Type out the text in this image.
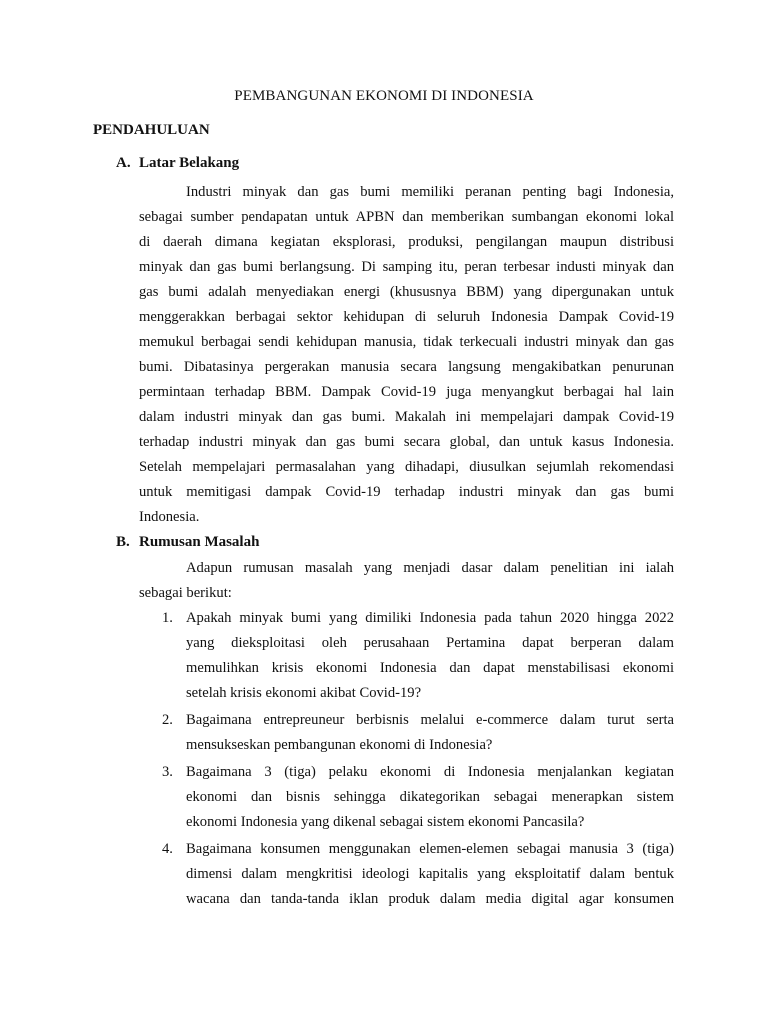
PEMBANGUNAN EKONOMI DI INDONESIA
PENDAHULUAN
A. Latar Belakang
Industri minyak dan gas bumi memiliki peranan penting bagi Indonesia,
sebagai sumber pendapatan untuk APBN dan memberikan sumbangan ekonomi lokal
di daerah dimana kegiatan eksplorasi, produksi, pengilangan maupun distribusi
minyak dan gas bumi berlangsung. Di samping itu, peran terbesar industi minyak dan
gas bumi adalah menyediakan energi (khususnya BBM) yang dipergunakan untuk
menggerakkan berbagai sektor kehidupan di seluruh Indonesia Dampak Covid-19
memukul berbagai sendi kehidupan manusia, tidak terkecuali industri minyak dan gas
bumi. Dibatasinya pergerakan manusia secara langsung mengakibatkan penurunan
permintaan terhadap BBM. Dampak Covid-19 juga menyangkut berbagai hal lain
dalam industri minyak dan gas bumi. Makalah ini mempelajari dampak Covid-19
terhadap industri minyak dan gas bumi secara global, dan untuk kasus Indonesia.
Setelah mempelajari permasalahan yang dihadapi, diusulkan sejumlah rekomendasi
untuk memitigasi dampak Covid-19 terhadap industri minyak dan gas bumi
Indonesia.
B. Rumusan Masalah
Adapun rumusan masalah yang menjadi dasar dalam penelitian ini ialah
sebagai berikut:
1. Apakah minyak bumi yang dimiliki Indonesia pada tahun 2020 hingga 2022
yang dieksploitasi oleh perusahaan Pertamina dapat berperan dalam
memulihkan krisis ekonomi Indonesia dan dapat menstabilisasi ekonomi
setelah krisis ekonomi akibat Covid-19?
2. Bagaimana entrepreuneur berbisnis melalui e-commerce dalam turut serta
mensukseskan pembangunan ekonomi di Indonesia?
3. Bagaimana 3 (tiga) pelaku ekonomi di Indonesia menjalankan kegiatan
ekonomi dan bisnis sehingga dikategorikan sebagai menerapkan sistem
ekonomi Indonesia yang dikenal sebagai sistem ekonomi Pancasila?
4. Bagaimana konsumen menggunakan elemen-elemen sebagai manusia 3 (tiga)
dimensi dalam mengkritisi ideologi kapitalis yang eksploitatif dalam bentuk
wacana dan tanda-tanda iklan produk dalam media digital agar konsumen
